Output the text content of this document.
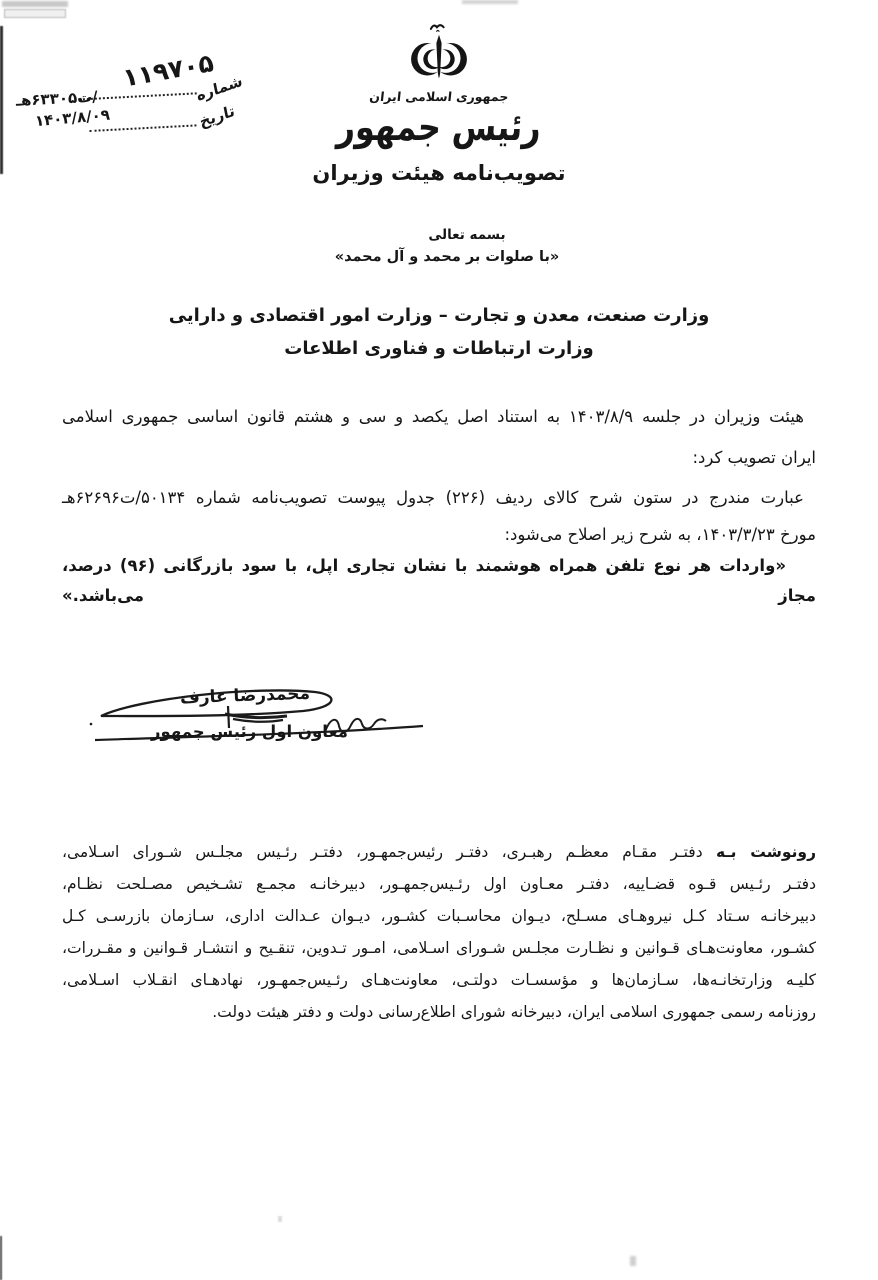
جمهوری اسلامی ایران
رئیس جمهور
تصویب‌نامه هیئت وزیران
۱۱۹۷۰۵
شماره
/ت۶۳۳۰۵هـ
تاریخ
۱۴۰۳/۸/۰۹
بسمه تعالی
«با صلوات بر محمد و آل محمد»
وزارت صنعت، معدن و تجارت – وزارت امور اقتصادی و دارایی
وزارت ارتباطات و فناوری اطلاعات
هیئت وزیران در جلسه ۱۴۰۳/۸/۹ به استناد اصل یکصد و سی و هشتم قانون اساسی جمهوری اسلامی
ایران تصویب کرد:
عبارت مندرج در ستون شرح کالای ردیف (۲۲۶) جدول پیوست تصویب‌نامه شماره ۵۰۱۳۴/ت۶۲۶۹۶هـ
مورخ ۱۴۰۳/۳/۲۳، به شرح زیر اصلاح می‌شود:
«واردات هر نوع تلفن همراه هوشمند با نشان تجاری اپل، با سود بازرگانی (۹۶) درصد، مجاز می‌باشد.»
محمدرضا عارف
معاون اول رئیس جمهور
رونوشت بـه دفتـر مقـام معظـم رهبـری، دفتـر رئیس‌جمهـور، دفتـر رئـیس مجلـس شـورای اسـلامی،
دفتـر رئـیس قـوه قضـاییه، دفتـر معـاون اول رئـیس‌جمهـور، دبیرخانـه مجمـع تشـخیص مصـلحت نظـام،
دبیرخانـه سـتاد کـل نیروهـای مسـلح، دیـوان محاسـبات کشـور، دیـوان عـدالت اداری، سـازمان بازرسـی کـل
کشـور، معاونت‌هـای قـوانین و نظـارت مجلـس شـورای اسـلامی، امـور تـدوین، تنقـیح و انتشـار قـوانین و مقـررات،
کلیـه وزارتخانـه‌ها، سـازمان‌ها و مؤسسـات دولتـی، معاونت‌هـای رئـیس‌جمهـور، نهادهـای انقـلاب اسـلامی،
روزنامه رسمی جمهوری اسلامی ایران، دبیرخانه شورای اطلاع‌رسانی دولت و دفتر هیئت دولت.
